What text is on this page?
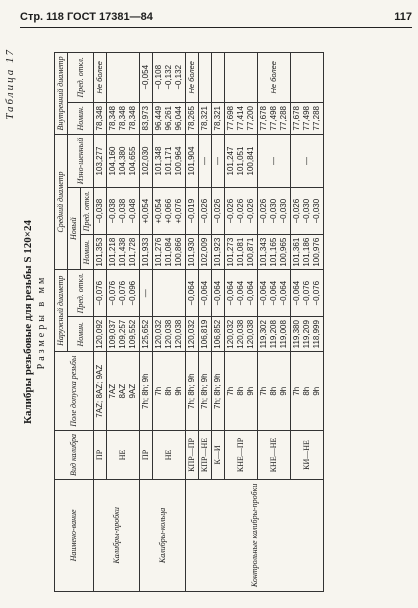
Стр. 118 ГОСТ 17381—84	117
Таблица 17
Калибры резьбовые для резьбы S 120×24 Размеры в мм
Наимено-вание	Вид калибра	Поле допуска резьбы	Наружный диаметр		Средний диаметр			Внутренний диаметр	
			Номин.	Пред. откл.	Новый		Изно-шенный	Номин.	Пред. откл.
					Номин.	Пред. откл.			
Калибры-пробки	ПР	7AZ; 8AZ; 9AZ	120,092	−0,076	101,353	−0,038	103,277	78,348	Не более

	НЕ	7AZ 8AZ 9AZ	109,037 109,257 109,552	−0,076 −0,076 −0,096	101,218 101,438 101,728	−0,038 −0,038 −0,048	104,160 104,380 104,655	78,348 78,348 78,348	

Калибры-кольца	ПР	7h; 8h; 9h	125,652	—	101,933	+0,054	102,030	83,973	−0,054

	НЕ	7h 8h 9h	120,032 120,038 120,038		101,276 101,084 100,866	+0,054 +0,066 +0,076	101,348 101,171 100,964	96,449 96,261 96,044	−0,108 −0,132 −0,132

Контрольные калибры-пробки	КПР—ПР	7h; 8h; 9h	120,032	−0,064	101,930	−0,019	101,904	78,265	Не более

	КПР—НЕ	7h; 8h; 9h	106,819	−0,064	102,009	−0,026	—	78,321	

	К—И	7h; 8h; 9h	106,852	−0,064	101,923	−0,026	—	78,321	

	КНЕ—ПР	7h 8h 9h	120,032 120,038 120,038	−0,064 −0,064 −0,064	101,273 101,081 100,871	−0,026 −0,026 −0,026	101,247 101,051 100,841	77,698 77,414 77,200	

	КНЕ—НЕ	7h 8h 9h	119,302 119,208 119,008	−0,064 −0,064 −0,064	101,343 101,165 100,965	−0,026 −0,030 −0,030	—	77,678 77,498 77,288	Не более

	КИ—НЕ	7h 8h 9h	119,380 119,209 118,999	−0,064 −0,076 −0,076	101,361 101,186 100,976	−0,026 −0,030 −0,030	—	77,678 77,498 77,288	
